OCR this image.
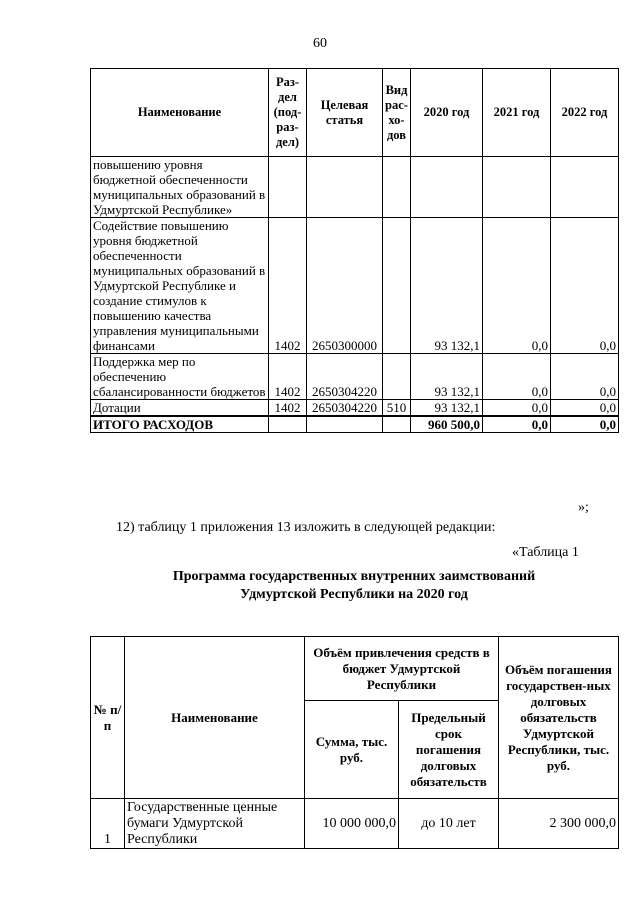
60
Наименование	Раз-дел (под-раз-дел)	Целевая статья	Вид рас-хо-дов	2020 год	2021 год	2022 год
повышению уровня бюджетной обеспеченности муниципальных образований в Удмуртской Республике»						
Содействие повышению уровня бюджетной обеспеченности муниципальных образований в Удмуртской Республике и создание стимулов к повышению качества управления муниципальными финансами	1402	2650300000		93 132,1	0,0	0,0
Поддержка мер по обеспечению сбалансированности бюджетов	1402	2650304220		93 132,1	0,0	0,0
Дотации	1402	2650304220	510	93 132,1	0,0	0,0
ИТОГО РАСХОДОВ				960 500,0	0,0	0,0
»;
12) таблицу 1 приложения 13 изложить в следующей редакции:
«Таблица 1
Программа государственных внутренних заимствований
Удмуртской Республики на 2020 год
№ п/п	Наименование	Объём привлечения средств в бюджет Удмуртской Республики		Объём погашения государствен-ных долговых обязательств Удмуртской Республики, тыс. руб.
		Сумма, тыс. руб.	Предельный срок погашения долговых обязательств	
1	Государственные ценные бумаги Удмуртской Республики	10 000 000,0	до 10 лет	2 300 000,0
